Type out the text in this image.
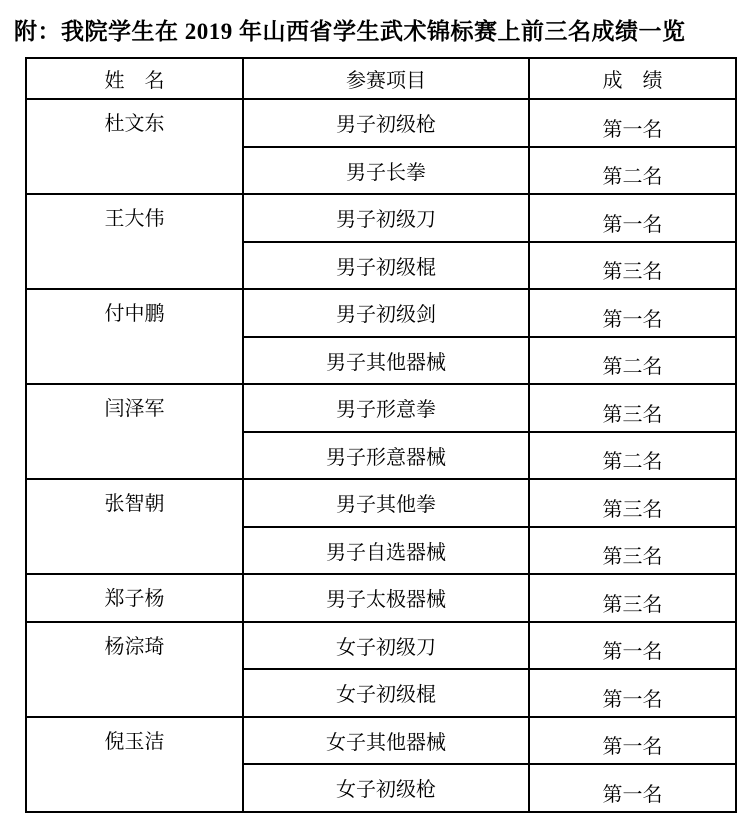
附：我院学生在 2019 年山西省学生武术锦标赛上前三名成绩一览
姓　名	参赛项目	成　绩
杜文东	男子初级枪	第一名
	男子长拳	第二名
王大伟	男子初级刀	第一名
	男子初级棍	第三名
付中鹏	男子初级剑	第一名
	男子其他器械	第二名
闫泽军	男子形意拳	第三名
	男子形意器械	第二名
张智朝	男子其他拳	第三名
	男子自选器械	第三名
郑子杨	男子太极器械	第三名
杨淙琦	女子初级刀	第一名
	女子初级棍	第一名
倪玉洁	女子其他器械	第一名
	女子初级枪	第一名
